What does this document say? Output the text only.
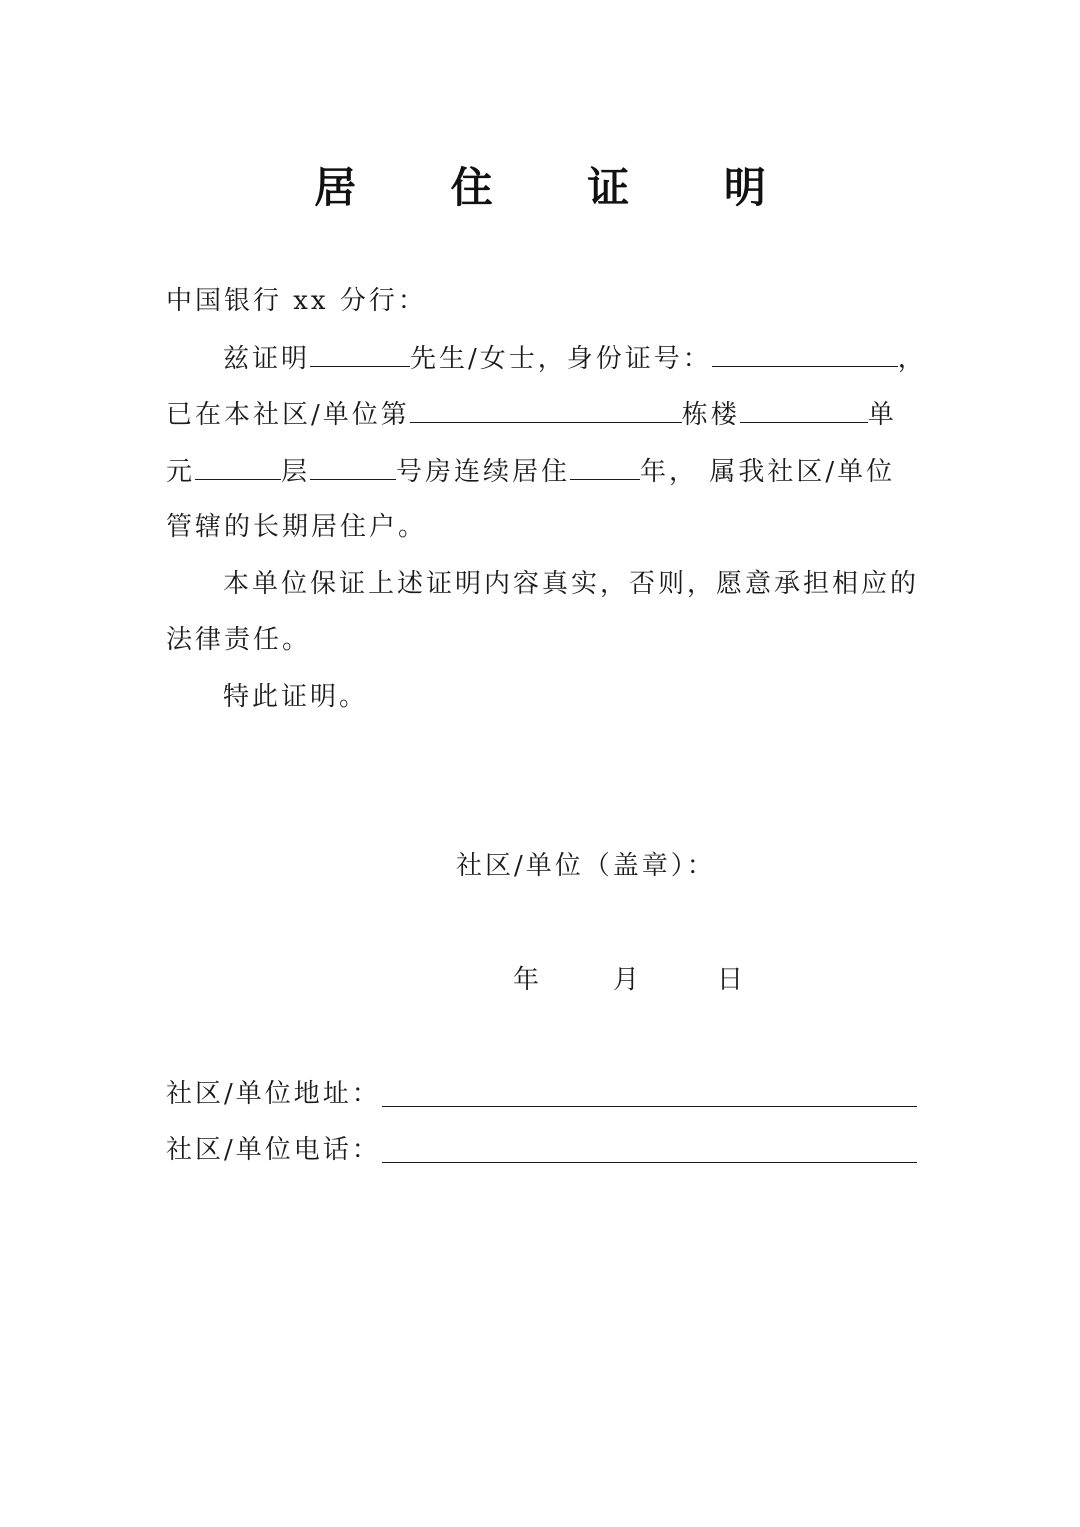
居 住 证 明
中国银行 xx 分行：
兹证明	先生/女士，身份证号：	，
已在本社区/单位第	栋楼	单
元	层	号房连续居住	年， 属我社区/单位
管辖的长期居住户。
本单位保证上述证明内容真实，否则，愿意承担相应的
法律责任。
特此证明。
社区/单位（盖章）：
年	月	日
社区/单位地址：
社区/单位电话：
